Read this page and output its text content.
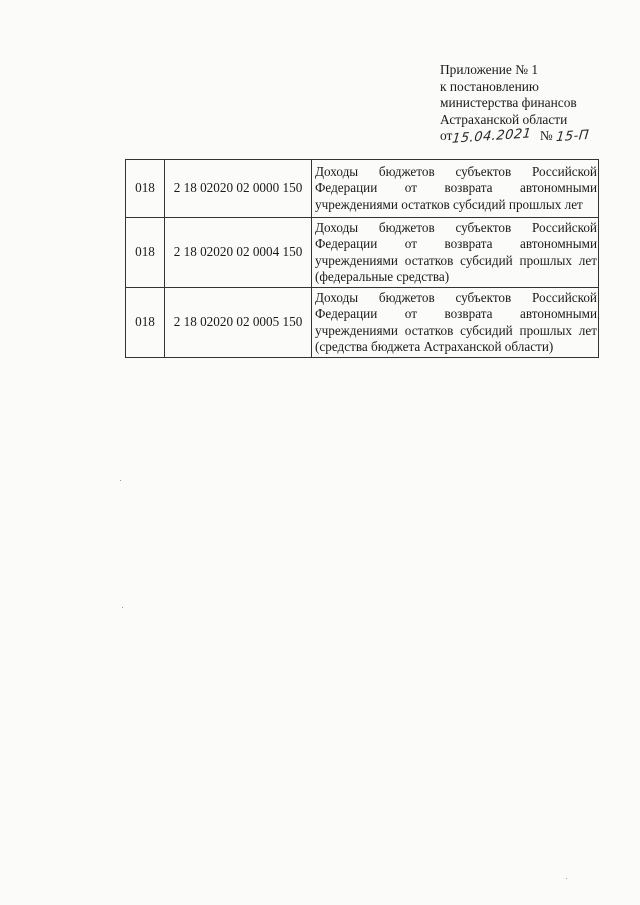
Приложение № 1
к постановлению
министерства финансов
Астраханской области
от15.04.2021 № 15-П
018	2 18 02020 02 0000 150	Доходы бюджетов субъектов Российской Федерации от возврата автономными учреждениями остатков субсидий прошлых лет
018	2 18 02020 02 0004 150	Доходы бюджетов субъектов Российской Федерации от возврата автономными учреждениями остатков субсидий прошлых лет (федеральные средства)
018	2 18 02020 02 0005 150	Доходы бюджетов субъектов Российской Федерации от возврата автономными учреждениями остатков субсидий прошлых лет (средства бюджета Астраханской области)
